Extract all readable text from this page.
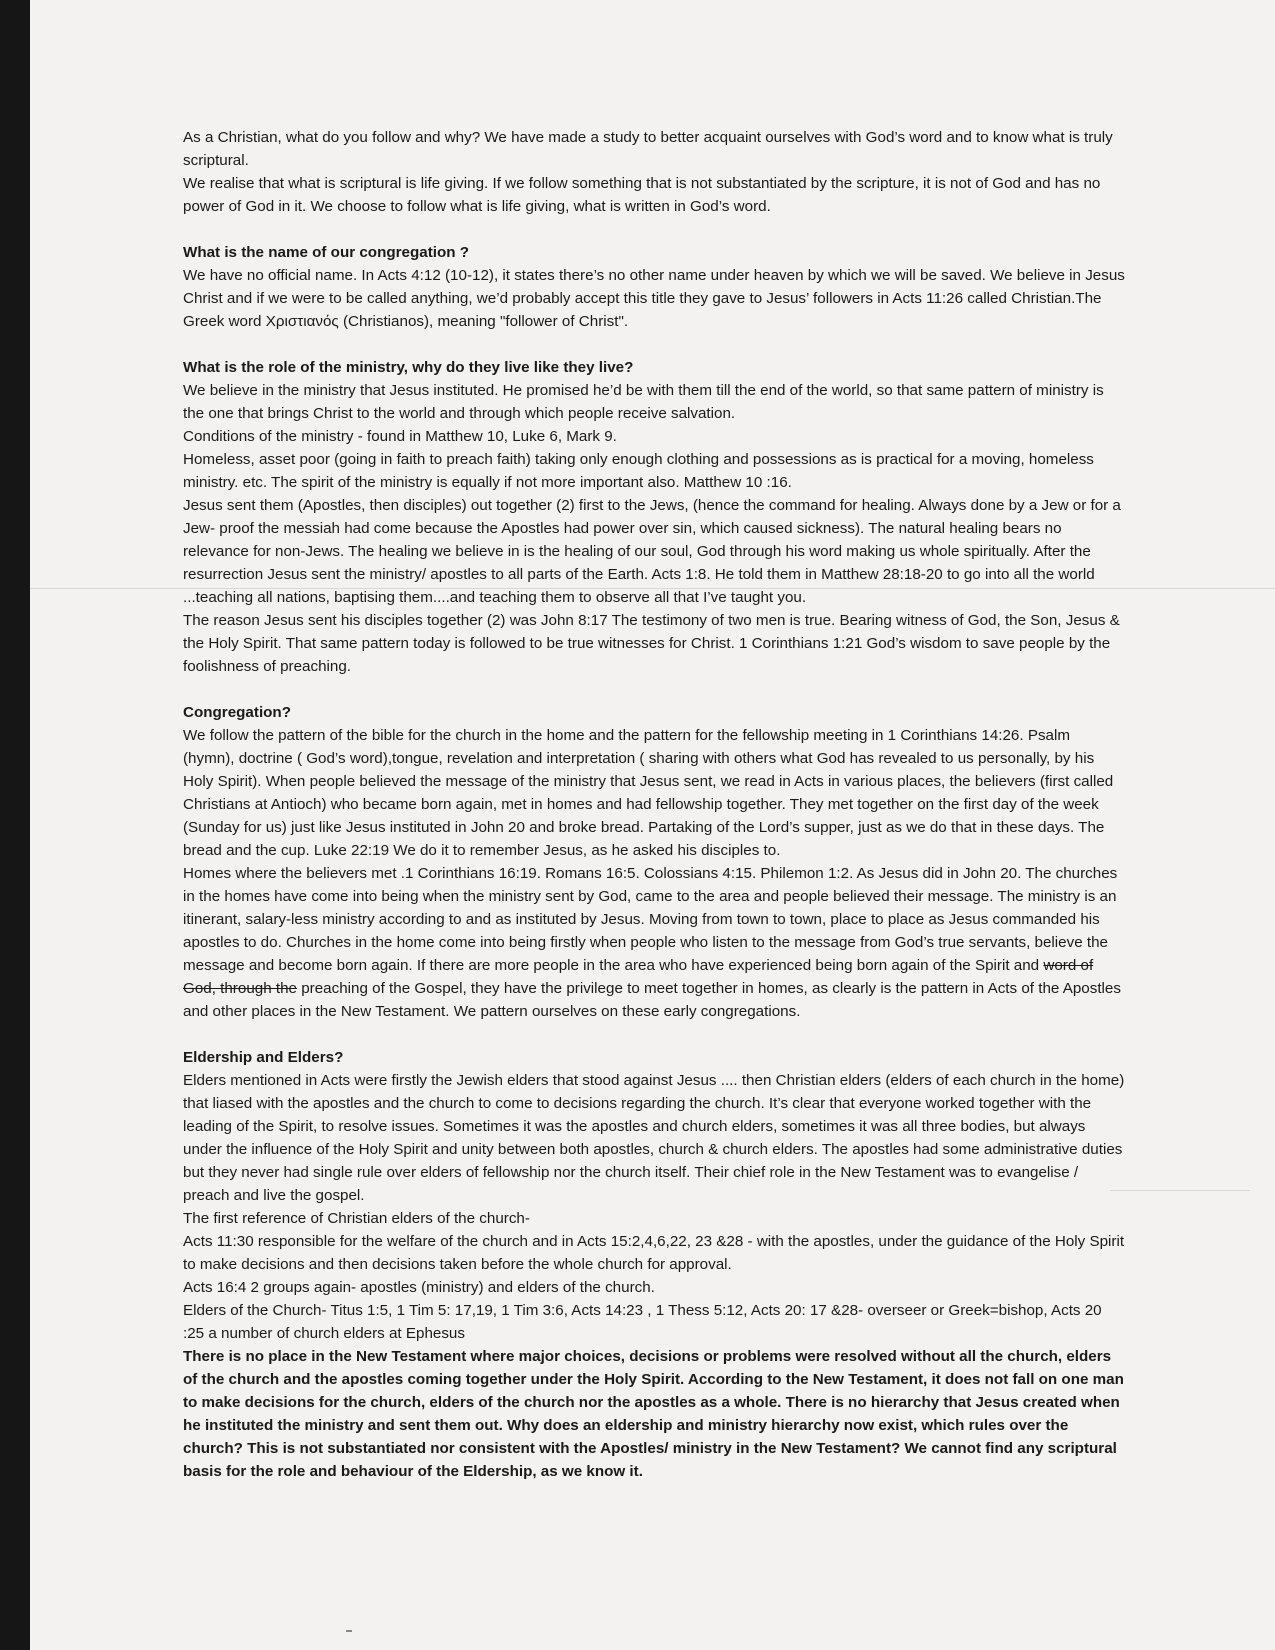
As a Christian, what do you follow and why? We have made a study to better acquaint ourselves with God’s word and to know what is truly scriptural.

We realise that what is scriptural is life giving. If we follow something that is not substantiated by the scripture, it is not of God and has no power of God in it. We choose to follow what is life giving, what is written in God’s word.

What is the name of our congregation ?

We have no official name. In Acts 4:12 (10-12), it states there’s no other name under heaven by which we will be saved. We believe in Jesus Christ and if we were to be called anything, we’d probably accept this title they gave to Jesus’ followers in Acts 11:26 called Christian.The Greek word Χριστιανός (Christianos), meaning "follower of Christ".

What is the role of the ministry, why do they live like they live?

We believe in the ministry that Jesus instituted. He promised he’d be with them till the end of the world, so that same pattern of ministry is the one that brings Christ to the world and through which people receive salvation.

Conditions of the ministry - found in Matthew 10, Luke 6, Mark 9.

Homeless, asset poor (going in faith to preach faith) taking only enough clothing and possessions as is practical for a moving, homeless ministry. etc. The spirit of the ministry is equally if not more important also. Matthew 10 :16.

Jesus sent them (Apostles, then disciples) out together (2) first to the Jews, (hence the command for healing. Always done by a Jew or for a Jew- proof the messiah had come because the Apostles had power over sin, which caused sickness). The natural healing bears no relevance for non-Jews. The healing we believe in is the healing of our soul, God through his word making us whole spiritually. After the resurrection Jesus sent the ministry/ apostles to all parts of the Earth. Acts 1:8. He told them in Matthew 28:18-20 to go into all the world ...teaching all nations, baptising them....and teaching them to observe all that I’ve taught you.

The reason Jesus sent his disciples together (2) was John 8:17 The testimony of two men is true. Bearing witness of God, the Son, Jesus & the Holy Spirit. That same pattern today is followed to be true witnesses for Christ. 1 Corinthians 1:21 God’s wisdom to save people by the foolishness of preaching.

Congregation?

We follow the pattern of the bible for the church in the home and the pattern for the fellowship meeting in 1 Corinthians 14:26. Psalm (hymn), doctrine ( God’s word),tongue, revelation and interpretation ( sharing with others what God has revealed to us personally, by his Holy Spirit). When people believed the message of the ministry that Jesus sent, we read in Acts in various places, the believers (first called Christians at Antioch) who became born again, met in homes and had fellowship together. They met together on the first day of the week (Sunday for us) just like Jesus instituted in John 20 and broke bread. Partaking of the Lord’s supper, just as we do that in these days. The bread and the cup. Luke 22:19 We do it to remember Jesus, as he asked his disciples to.

Homes where the believers met .1 Corinthians 16:19. Romans 16:5. Colossians 4:15. Philemon 1:2. As Jesus did in John 20. The churches in the homes have come into being when the ministry sent by God, came to the area and people believed their message. The ministry is an itinerant, salary-less ministry according to and as instituted by Jesus. Moving from town to town, place to place as Jesus commanded his apostles to do. Churches in the home come into being firstly when people who listen to the message from God’s true servants, believe the message and become born again. If there are more people in the area who have experienced being born again of the Spirit and word of God, through the preaching of the Gospel, they have the privilege to meet together in homes, as clearly is the pattern in Acts of the Apostles and other places in the New Testament. We pattern ourselves on these early congregations.

Eldership and Elders?

Elders mentioned in Acts were firstly the Jewish elders that stood against Jesus .... then Christian elders (elders of each church in the home) that liased with the apostles and the church to come to decisions regarding the church. It’s clear that everyone worked together with the leading of the Spirit, to resolve issues. Sometimes it was the apostles and church elders, sometimes it was all three bodies, but always under the influence of the Holy Spirit and unity between both apostles, church & church elders. The apostles had some administrative duties but they never had single rule over elders of fellowship nor the church itself. Their chief role in the New Testament was to evangelise / preach and live the gospel.

The first reference of Christian elders of the church-

Acts 11:30 responsible for the welfare of the church and in Acts 15:2,4,6,22, 23 &28 - with the apostles, under the guidance of the Holy Spirit to make decisions and then decisions taken before the whole church for approval.

Acts 16:4 2 groups again- apostles (ministry) and elders of the church.

Elders of the Church- Titus 1:5, 1 Tim 5: 17,19, 1 Tim 3:6, Acts 14:23 , 1 Thess 5:12, Acts 20: 17 &28- overseer or Greek=bishop, Acts 20 :25 a number of church elders at Ephesus

There is no place in the New Testament where major choices, decisions or problems were resolved without all the church, elders of the church and the apostles coming together under the Holy Spirit. According to the New Testament, it does not fall on one man to make decisions for the church, elders of the church nor the apostles as a whole. There is no hierarchy that Jesus created when he instituted the ministry and sent them out. Why does an eldership and ministry hierarchy now exist, which rules over the church? This is not substantiated nor consistent with the Apostles/ ministry in the New Testament? We cannot find any scriptural basis for the role and behaviour of the Eldership, as we know it.
